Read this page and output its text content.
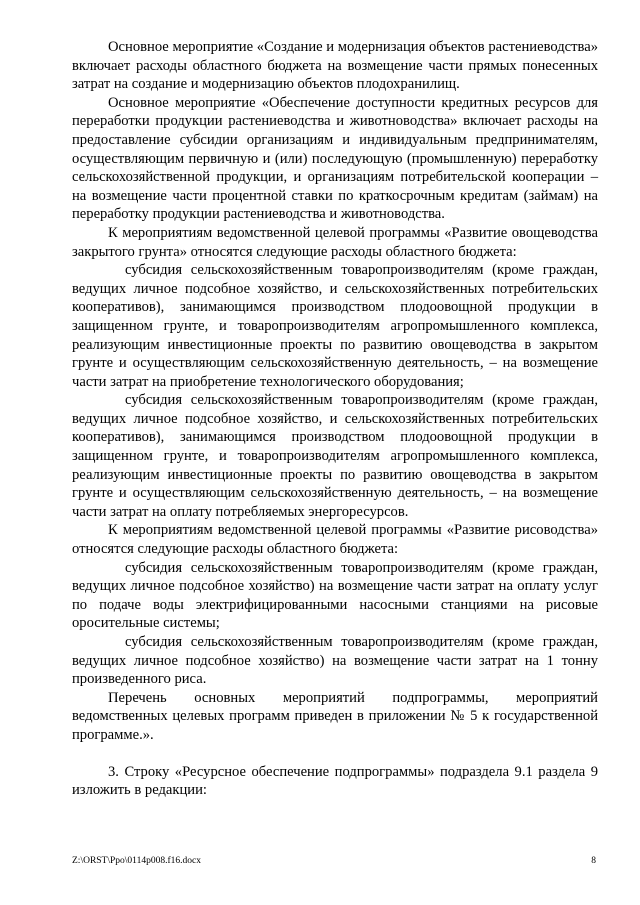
Основное мероприятие «Создание и модернизация объектов растениеводства» включает расходы областного бюджета на возмещение части прямых понесенных затрат на создание и модернизацию объектов плодохранилищ.

Основное мероприятие «Обеспечение доступности кредитных ресурсов для переработки продукции растениеводства и животноводства» включает расходы на предоставление субсидии организациям и индивидуальным предпринимателям, осуществляющим первичную и (или) последующую (промышленную) переработку сельскохозяйственной продукции, и организациям потребительской кооперации – на возмещение части процентной ставки по краткосрочным кредитам (займам) на переработку продукции растениеводства и животноводства.

К мероприятиям ведомственной целевой программы «Развитие овощеводства закрытого грунта» относятся следующие расходы областного бюджета:

субсидия сельскохозяйственным товаропроизводителям (кроме граждан, ведущих личное подсобное хозяйство, и сельскохозяйственных потребительских кооперативов), занимающимся производством плодоовощной продукции в защищенном грунте, и товаропроизводителям агропромышленного комплекса, реализующим инвестиционные проекты по развитию овощеводства в закрытом грунте и осуществляющим сельскохозяйственную деятельность, – на возмещение части затрат на приобретение технологического оборудования;

субсидия сельскохозяйственным товаропроизводителям (кроме граждан, ведущих личное подсобное хозяйство, и сельскохозяйственных потребительских кооперативов), занимающимся производством плодоовощной продукции в защищенном грунте, и товаропроизводителям агропромышленного комплекса, реализующим инвестиционные проекты по развитию овощеводства в закрытом грунте и осуществляющим сельскохозяйственную деятельность, – на возмещение части затрат на оплату потребляемых энергоресурсов.

К мероприятиям ведомственной целевой программы «Развитие рисоводства» относятся следующие расходы областного бюджета:

субсидия сельскохозяйственным товаропроизводителям (кроме граждан, ведущих личное подсобное хозяйство) на возмещение части затрат на оплату услуг по подаче воды электрифицированными насосными станциями на рисовые оросительные системы;

субсидия сельскохозяйственным товаропроизводителям (кроме граждан, ведущих личное подсобное хозяйство) на возмещение части затрат на 1 тонну произведенного риса.

Перечень основных мероприятий подпрограммы, мероприятий ведомственных целевых программ приведен в приложении № 5 к государственной программе.».

3. Строку «Ресурсное обеспечение подпрограммы» подраздела 9.1 раздела 9 изложить в редакции:

Z:\ORST\Ppo\0114p008.f16.docx	8
